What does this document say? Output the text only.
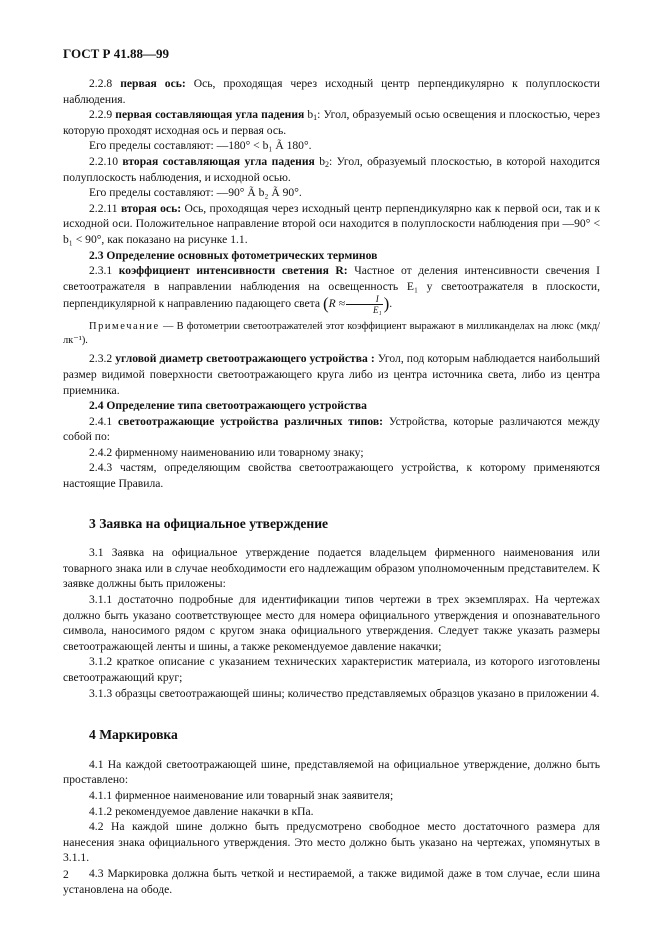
ГОСТ Р 41.88—99

2.2.8 первая ось: Ось, проходящая через исходный центр перпендикулярно к полуплоскости наблюдения.

2.2.9 первая составляющая угла падения $b_1$: Угол, образуемый осью освещения и плоскостью, через которую проходят исходная ось и первая ось.

Его пределы составляют: —180° < b₁ Ã 180°.

2.2.10 вторая составляющая угла падения $b_2$: Угол, образуемый плоскостью, в которой находится полуплоскость наблюдения, и исходной осью.

Его пределы составляют: —90° Ã b₂ Ã 90°.

2.2.11 вторая ось: Ось, проходящая через исходный центр перпендикулярно как к первой оси, так и к исходной оси. Положительное направление второй оси находится в полуплоскости наблюдения при —90° < b₁ < 90°, как показано на рисунке 1.1.

2.3 Определение основных фотометрических терминов

2.3.1 коэффициент интенсивности светения R: Частное от деления интенсивности свечения I светоотражателя в направлении наблюдения на освещенность E₁ у светоотражателя в плоскости, перпендикулярной к направлению падающего света ($R \approx \frac{I}{\text{E₁}}$ ).

Примечание — В фотометрии светоотражателей этот коэффициент выражают в милликанделах на люкс (мкд/лк⁻¹).

2.3.2 угловой диаметр светоотражающего устройства : Угол, под которым наблюдается наибольший размер видимой поверхности светоотражающего круга либо из центра источника света, либо из центра приемника.

2.4 Определение типа светоотражающего устройства

2.4.1 светоотражающие устройства различных типов: Устройства, которые различаются между собой по:

2.4.2 фирменному наименованию или товарному знаку;

2.4.3 частям, определяющим свойства светоотражающего устройства, к которому применяются настоящие Правила.

3 Заявка на официальное утверждение

3.1 Заявка на официальное утверждение подается владельцем фирменного наименования или товарного знака или в случае необходимости его надлежащим образом уполномоченным представителем. К заявке должны быть приложены:

3.1.1 достаточно подробные для идентификации типов чертежи в трех экземплярах. На чертежах должно быть указано соответствующее место для номера официального утверждения и опознавательного символа, наносимого рядом с кругом знака официального утверждения. Следует также указать размеры светоотражающей ленты и шины, а также рекомендуемое давление накачки;

3.1.2 краткое описание с указанием технических характеристик материала, из которого изготовлены светоотражающий круг;

3.1.3 образцы светоотражающей шины; количество представляемых образцов указано в приложении 4.

4 Маркировка

4.1 На каждой светоотражающей шине, представляемой на официальное утверждение, должно быть проставлено:

4.1.1 фирменное наименование или товарный знак заявителя;

4.1.2 рекомендуемое давление накачки в кПа.

4.2 На каждой шине должно быть предусмотрено свободное место достаточного размера для нанесения знака официального утверждения. Это место должно быть указано на чертежах, упомянутых в 3.1.1.

4.3 Маркировка должна быть четкой и нестираемой, а также видимой даже в том случае, если шина установлена на ободе.

2
